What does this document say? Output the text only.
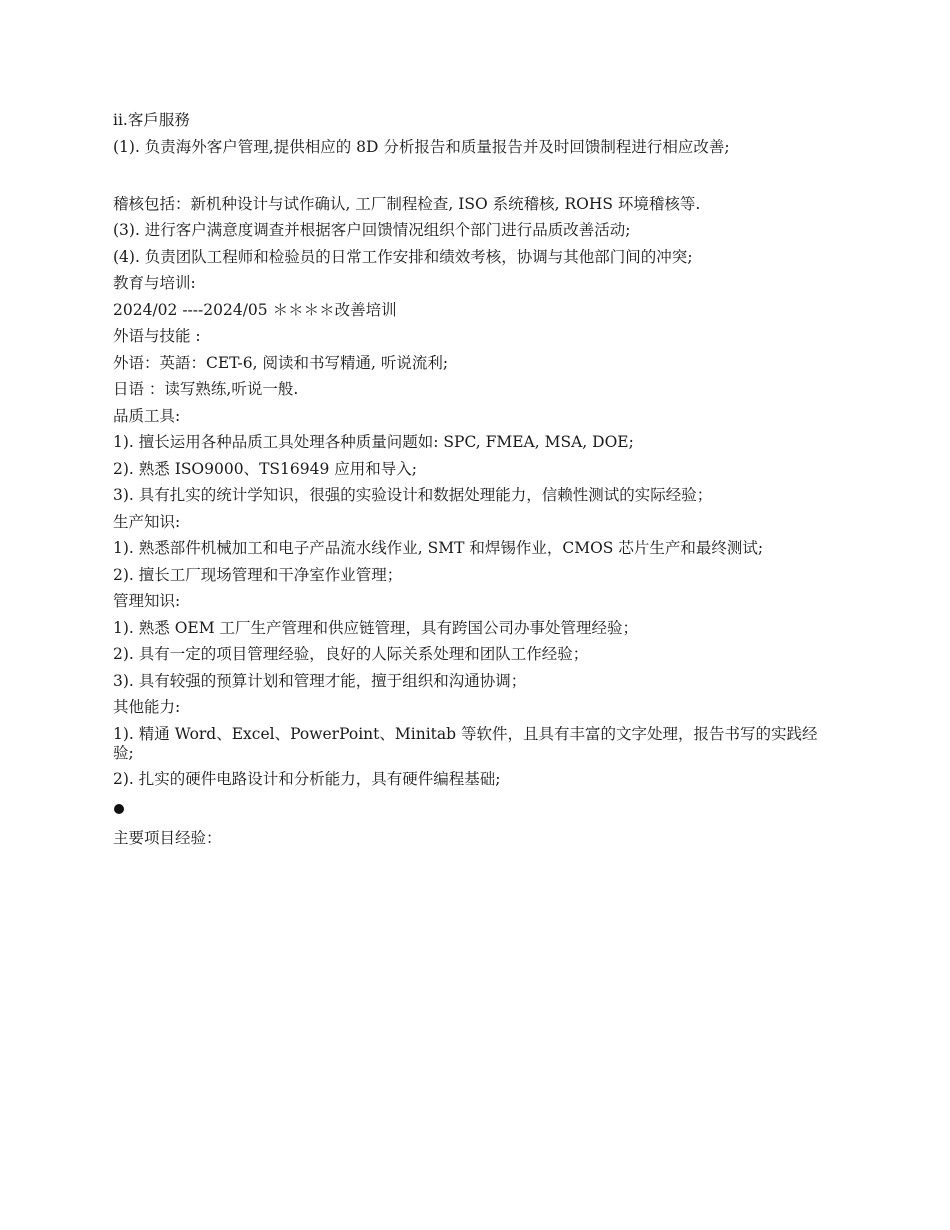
ii.客戶服務

(1). 负责海外客户管理,提供相应的 8D 分析报告和质量报告并及时回馈制程进行相应改善;

稽核包括：新机种设计与试作确认, 工厂制程检查, ISO 系统稽核, ROHS 环境稽核等.

(3). 进行客户满意度调查并根据客户回馈情况组织个部门进行品质改善活动;

(4). 负责团队工程师和检验员的日常工作安排和绩效考核，协调与其他部门间的冲突;

教育与培训:

2024/02 ----2024/05 ＊＊＊＊改善培训

外语与技能 :

外语：英語：CET-6, 阅读和书写精通, 听说流利;

日语 ：读写熟练,听说一般.

品质工具:

1). 擅长运用各种品质工具处理各种质量问题如: SPC, FMEA, MSA, DOE;

2). 熟悉 ISO9000、TS16949 应用和导入;

3). 具有扎实的统计学知识，很强的实验设计和数据处理能力，信赖性测试的实际经验；

生产知识:

1). 熟悉部件机械加工和电子产品流水线作业, SMT 和焊锡作业，CMOS 芯片生产和最终测试;

2). 擅长工厂现场管理和干净室作业管理；

管理知识:

1). 熟悉 OEM 工厂生产管理和供应链管理，具有跨国公司办事处管理经验；

2). 具有一定的项目管理经验，良好的人际关系处理和团队工作经验；

3). 具有较强的预算计划和管理才能，擅于组织和沟通协调；

其他能力:

1). 精通 Word、Excel、PowerPoint、Minitab 等软件，且具有丰富的文字处理，报告书写的实践经验;

2). 扎实的硬件电路设计和分析能力，具有硬件编程基础;

主要项目经验：
